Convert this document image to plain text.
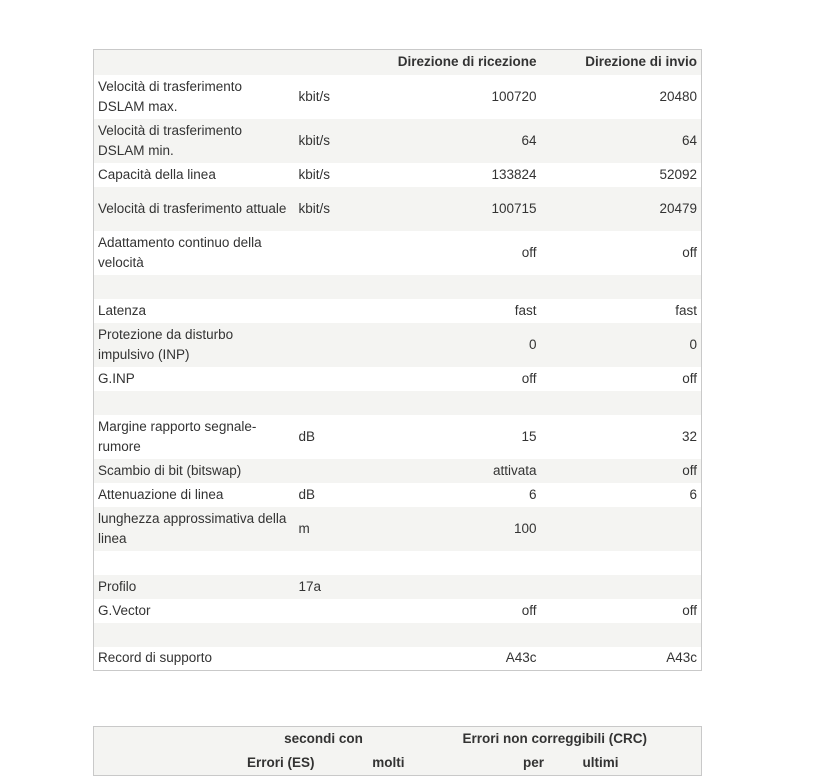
		Direzione di ricezione	Direzione di invio
Velocità di trasferimento DSLAM max.	kbit/s	100720	20480
Velocità di trasferimento DSLAM min.	kbit/s	64	64
Capacità della linea	kbit/s	133824	52092
Velocità di trasferimento attuale	kbit/s	100715	20479
Adattamento continuo della velocità		off	off

Latenza		fast	fast
Protezione da disturbo impulsivo (INP)		0	0
G.INP		off	off

Margine rapporto segnale-rumore	dB	15	32
Scambio di bit (bitswap)		attivata	off
Attenuazione di linea	dB	6	6
lunghezza approssimativa della linea	m	100	

Profilo	17a		
G.Vector		off	off

Record di supporto		A43c	A43c
	secondi con		Errori non correggibili (CRC)		
	Errori (ES)	molti		per	ultimi
